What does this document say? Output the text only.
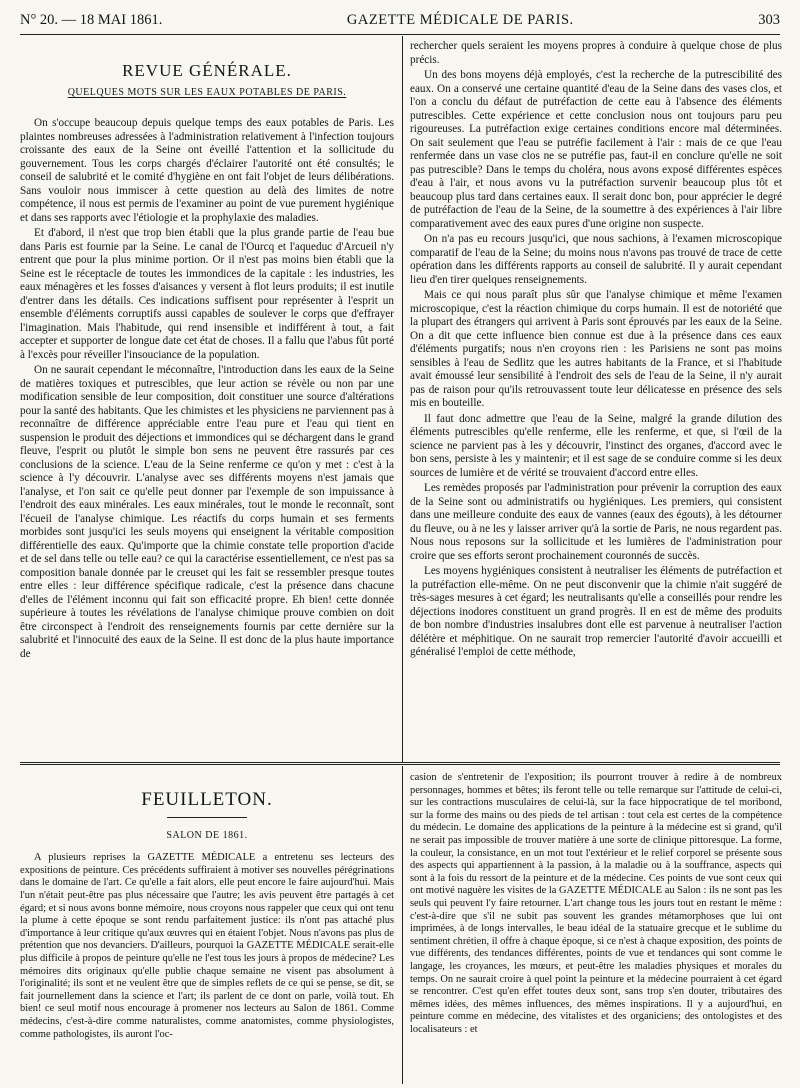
N° 20. — 18 MAI 1861.	GAZETTE MÉDICALE DE PARIS.	303
REVUE GÉNÉRALE.
QUELQUES MOTS SUR LES EAUX POTABLES DE PARIS.

On s'occupe beaucoup depuis quelque temps des eaux potables de Paris. Les plaintes nombreuses adressées à l'administration relativement à l'infection toujours croissante des eaux de la Seine ont éveillé l'attention et la sollicitude du gouvernement. Tous les corps chargés d'éclairer l'autorité ont été consultés; le conseil de salubrité et le comité d'hygiène en ont fait l'objet de leurs délibérations. Sans vouloir nous immiscer à cette question au delà des limites de notre compétence, il nous est permis de l'examiner au point de vue purement hygiénique et dans ses rapports avec l'étiologie et la prophylaxie des maladies.

Et d'abord, il n'est que trop bien établi que la plus grande partie de l'eau bue dans Paris est fournie par la Seine. Le canal de l'Ourcq et l'aqueduc d'Arcueil n'y entrent que pour la plus minime portion. Or il n'est pas moins bien établi que la Seine est le réceptacle de toutes les immondices de la capitale : les industries, les eaux ménagères et les fosses d'aisances y versent à flot leurs produits; il est inutile d'entrer dans les détails. Ces indications suffisent pour représenter à l'esprit un ensemble d'éléments corruptifs aussi capables de soulever le corps que d'effrayer l'imagination. Mais l'habitude, qui rend insensible et indifférent à tout, a fait accepter et supporter de longue date cet état de choses. Il a fallu que l'abus fût porté à l'excès pour réveiller l'insouciance de la population.

On ne saurait cependant le méconnaître, l'introduction dans les eaux de la Seine de matières toxiques et putrescibles, que leur action se révèle ou non par une modification sensible de leur composition, doit constituer une source d'altérations pour la santé des habitants. Que les chimistes et les physiciens ne parviennent pas à reconnaître de différence appréciable entre l'eau pure et l'eau qui tient en suspension le produit des déjections et immondices qui se déchargent dans le grand fleuve, l'esprit ou plutôt le simple bon sens ne peuvent être rassurés par ces conclusions de la science. L'eau de la Seine renferme ce qu'on y met : c'est à la science à l'y découvrir. L'analyse avec ses différents moyens n'est jamais que l'analyse, et l'on sait ce qu'elle peut donner par l'exemple de son impuissance à l'endroit des eaux minérales. Les eaux minérales, tout le monde le reconnaît, sont l'écueil de l'analyse chimique. Les réactifs du corps humain et ses ferments morbides sont jusqu'ici les seuls moyens qui enseignent la véritable composition différentielle des eaux. Qu'importe que la chimie constate telle proportion d'acide et de sel dans telle ou telle eau? ce qui la caractérise essentiellement, ce n'est pas sa composition banale donnée par le creuset qui les fait se ressembler presque toutes entre elles : leur différence spécifique radicale, c'est la présence dans chacune d'elles de l'élément inconnu qui fait son efficacité propre. Eh bien! cette donnée supérieure à toutes les révélations de l'analyse chimique prouve combien on doit être circonspect à l'endroit des renseignements fournis par cette dernière sur la salubrité et l'innocuité des eaux de la Seine. Il est donc de la plus haute importance de

rechercher quels seraient les moyens propres à conduire à quelque chose de plus précis.

Un des bons moyens déjà employés, c'est la recherche de la putrescibilité des eaux. On a conservé une certaine quantité d'eau de la Seine dans des vases clos, et l'on a conclu du défaut de putréfaction de cette eau à l'absence des éléments putrescibles. Cette expérience et cette conclusion nous ont toujours paru peu rigoureuses. La putréfaction exige certaines conditions encore mal déterminées. On sait seulement que l'eau se putréfie facilement à l'air : mais de ce que l'eau renfermée dans un vase clos ne se putréfie pas, faut-il en conclure qu'elle ne soit pas putrescible? Dans le temps du choléra, nous avons exposé différentes espèces d'eau à l'air, et nous avons vu la putréfaction survenir beaucoup plus tôt et beaucoup plus tard dans certaines eaux. Il serait donc bon, pour apprécier le degré de putréfaction de l'eau de la Seine, de la soumettre à des expériences à l'air libre comparativement avec des eaux pures d'une origine non suspecte.

On n'a pas eu recours jusqu'ici, que nous sachions, à l'examen microscopique comparatif de l'eau de la Seine; du moins nous n'avons pas trouvé de trace de cette opération dans les différents rapports au conseil de salubrité. Il y aurait cependant lieu d'en tirer quelques renseignements.

Mais ce qui nous paraît plus sûr que l'analyse chimique et même l'examen microscopique, c'est la réaction chimique du corps humain. Il est de notoriété que la plupart des étrangers qui arrivent à Paris sont éprouvés par les eaux de la Seine. On a dit que cette influence bien connue est due à la présence dans ces eaux d'éléments purgatifs; nous n'en croyons rien : les Parisiens ne sont pas moins sensibles à l'eau de Sedlitz que les autres habitants de la France, et si l'habitude avait émoussé leur sensibilité à l'endroit des sels de l'eau de la Seine, il n'y aurait pas de raison pour qu'ils retrouvassent toute leur délicatesse en présence des sels mis en bouteille.

Il faut donc admettre que l'eau de la Seine, malgré la grande dilution des éléments putrescibles qu'elle renferme, elle les renferme, et que, si l'œil de la science ne parvient pas à les y découvrir, l'instinct des organes, d'accord avec le bon sens, persiste à les y maintenir; et il est sage de se conduire comme si les deux sources de lumière et de vérité se trouvaient d'accord entre elles.

Les remèdes proposés par l'administration pour prévenir la corruption des eaux de la Seine sont ou administratifs ou hygiéniques. Les premiers, qui consistent dans une meilleure conduite des eaux de vannes (eaux des égouts), à les détourner du fleuve, ou à ne les y laisser arriver qu'à la sortie de Paris, ne nous regardent pas. Nous nous reposons sur la sollicitude et les lumières de l'administration pour croire que ses efforts seront prochainement couronnés de succès.

Les moyens hygiéniques consistent à neutraliser les éléments de putréfaction et la putréfaction elle-même. On ne peut disconvenir que la chimie n'ait suggéré de très-sages mesures à cet égard; les neutralisants qu'elle a conseillés pour rendre les déjections inodores constituent un grand progrès. Il en est de même des produits de bon nombre d'industries insalubres dont elle est parvenue à neutraliser l'action délétère et méphitique. On ne saurait trop remercier l'autorité d'avoir accueilli et généralisé l'emploi de cette méthode,

FEUILLETON.
SALON DE 1861.

A plusieurs reprises la GAZETTE MÉDICALE a entretenu ses lecteurs des expositions de peinture. Ces précédents suffiraient à motiver ses nouvelles pérégrinations dans le domaine de l'art. Ce qu'elle a fait alors, elle peut encore le faire aujourd'hui. Mais l'un n'était peut-être pas plus nécessaire que l'autre; les avis peuvent être partagés à cet égard; et si nous avons bonne mémoire, nous croyons nous rappeler que ceux qui ont tenu la plume à cette époque se sont rendu parfaitement justice: ils n'ont pas attaché plus d'importance à leur critique qu'aux œuvres qui en étaient l'objet. Nous n'avons pas plus de prétention que nos devanciers. D'ailleurs, pourquoi la GAZETTE MÉDICALE serait-elle plus difficile à propos de peinture qu'elle ne l'est tous les jours à propos de médecine? Les mémoires dits originaux qu'elle publie chaque semaine ne visent pas absolument à l'originalité; ils sont et ne veulent être que de simples reflets de ce qui se pense, se dit, se fait journellement dans la science et l'art; ils parlent de ce dont on parle, voilà tout. Eh bien! ce seul motif nous encourage à promener nos lecteurs au Salon de 1861. Comme médecins, c'est-à-dire comme naturalistes, comme anatomistes, comme physiologistes, comme pathologistes, ils auront l'oc-

casion de s'entretenir de l'exposition; ils pourront trouver à redire à de nombreux personnages, hommes et bêtes; ils feront telle ou telle remarque sur l'attitude de celui-ci, sur les contractions musculaires de celui-là, sur la face hippocratique de tel moribond, sur la forme des mains ou des pieds de tel artisan : tout cela est certes de la compétence du médecin. Le domaine des applications de la peinture à la médecine est si grand, qu'il ne serait pas impossible de trouver matière à une sorte de clinique pittoresque. La forme, la couleur, la consistance, en un mot tout l'extérieur et le relief corporel se présente sous des aspects qui appartiennent à la passion, à la maladie ou à la souffrance, aspects qui sont à la fois du ressort de la peinture et de la médecine. Ces points de vue sont ceux qui ont motivé naguère les visites de la GAZETTE MÉDICALE au Salon : ils ne sont pas les seuls qui peuvent l'y faire retourner. L'art change tous les jours tout en restant le même : c'est-à-dire que s'il ne subit pas souvent les grandes métamorphoses que lui ont imprimées, à de longs intervalles, le beau idéal de la statuaire grecque et le sublime du sentiment chrétien, il offre à chaque époque, si ce n'est à chaque exposition, des points de vue différents, des tendances différentes, points de vue et tendances qui sont comme le langage, les croyances, les mœurs, et peut-être les maladies physiques et morales du temps. On ne saurait croire à quel point la peinture et la médecine pourraient à cet égard se rencontrer. C'est qu'en effet toutes deux sont, sans trop s'en douter, tributaires des mêmes idées, des mêmes influences, des mêmes inspirations. Il y a aujourd'hui, en peinture comme en médecine, des vitalistes et des organiciens; des ontologistes et des localisateurs : et
